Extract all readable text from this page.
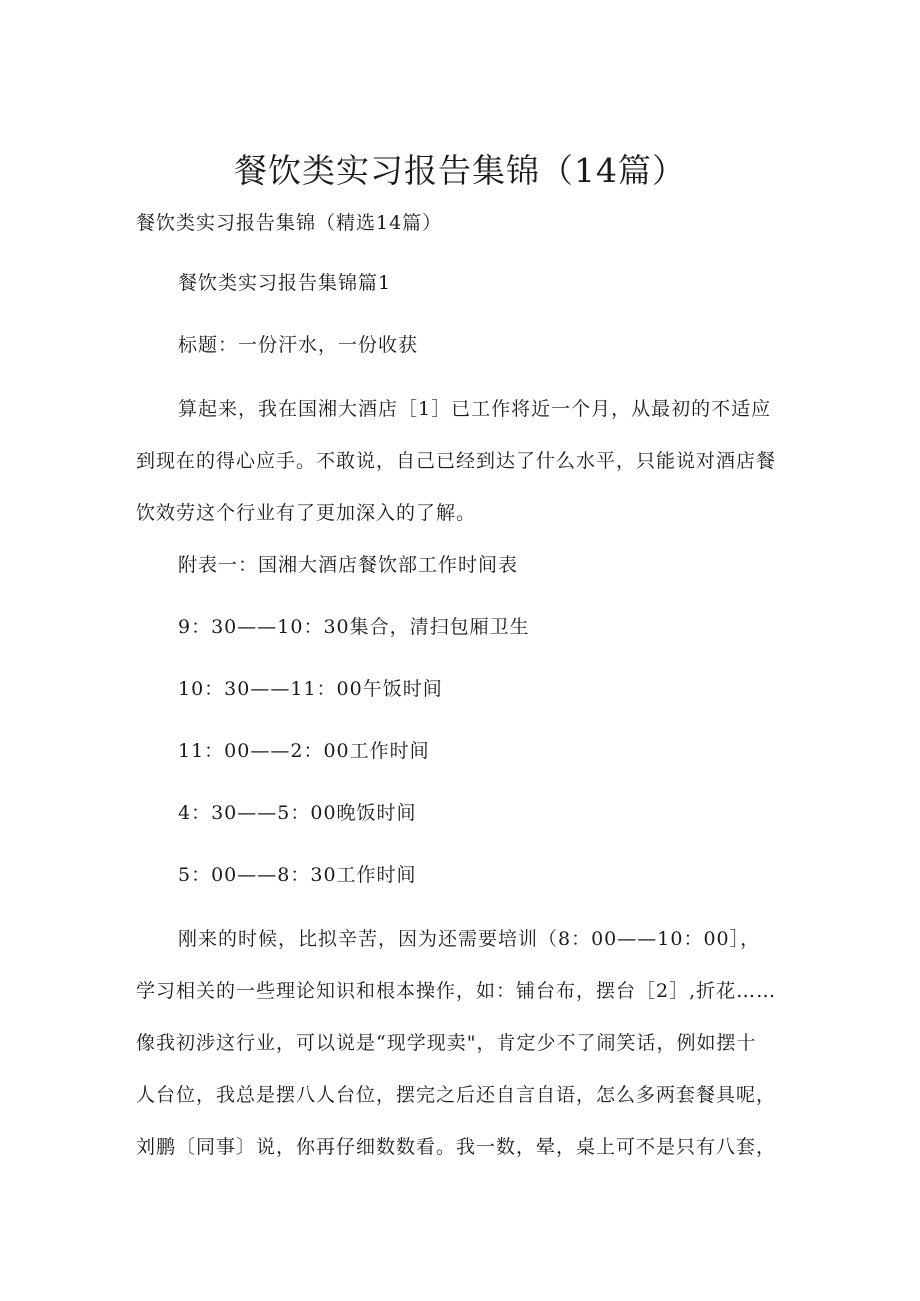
餐饮类实习报告集锦（14篇）
餐饮类实习报告集锦（精选14篇）
餐饮类实习报告集锦篇1
标题：一份汗水，一份收获
算起来，我在国湘大酒店［1］已工作将近一个月，从最初的不适应
到现在的得心应手。不敢说，自己已经到达了什么水平，只能说对酒店餐
饮效劳这个行业有了更加深入的了解。
附表一：国湘大酒店餐饮部工作时间表
9：30——10：30集合，清扫包厢卫生
10：30——11：00午饭时间
11：00——2：00工作时间
4：30——5：00晚饭时间
5：00——8：30工作时间
刚来的时候，比拟辛苦，因为还需要培训（8：00——10：00］，
学习相关的一些理论知识和根本操作，如：铺台布，摆台［2］,折花……
像我初涉这行业，可以说是“现学现卖"，肯定少不了闹笑话，例如摆十
人台位，我总是摆八人台位，摆完之后还自言自语，怎么多两套餐具呢，
刘鹏〔同事〕说，你再仔细数数看。我一数，晕，桌上可不是只有八套，
